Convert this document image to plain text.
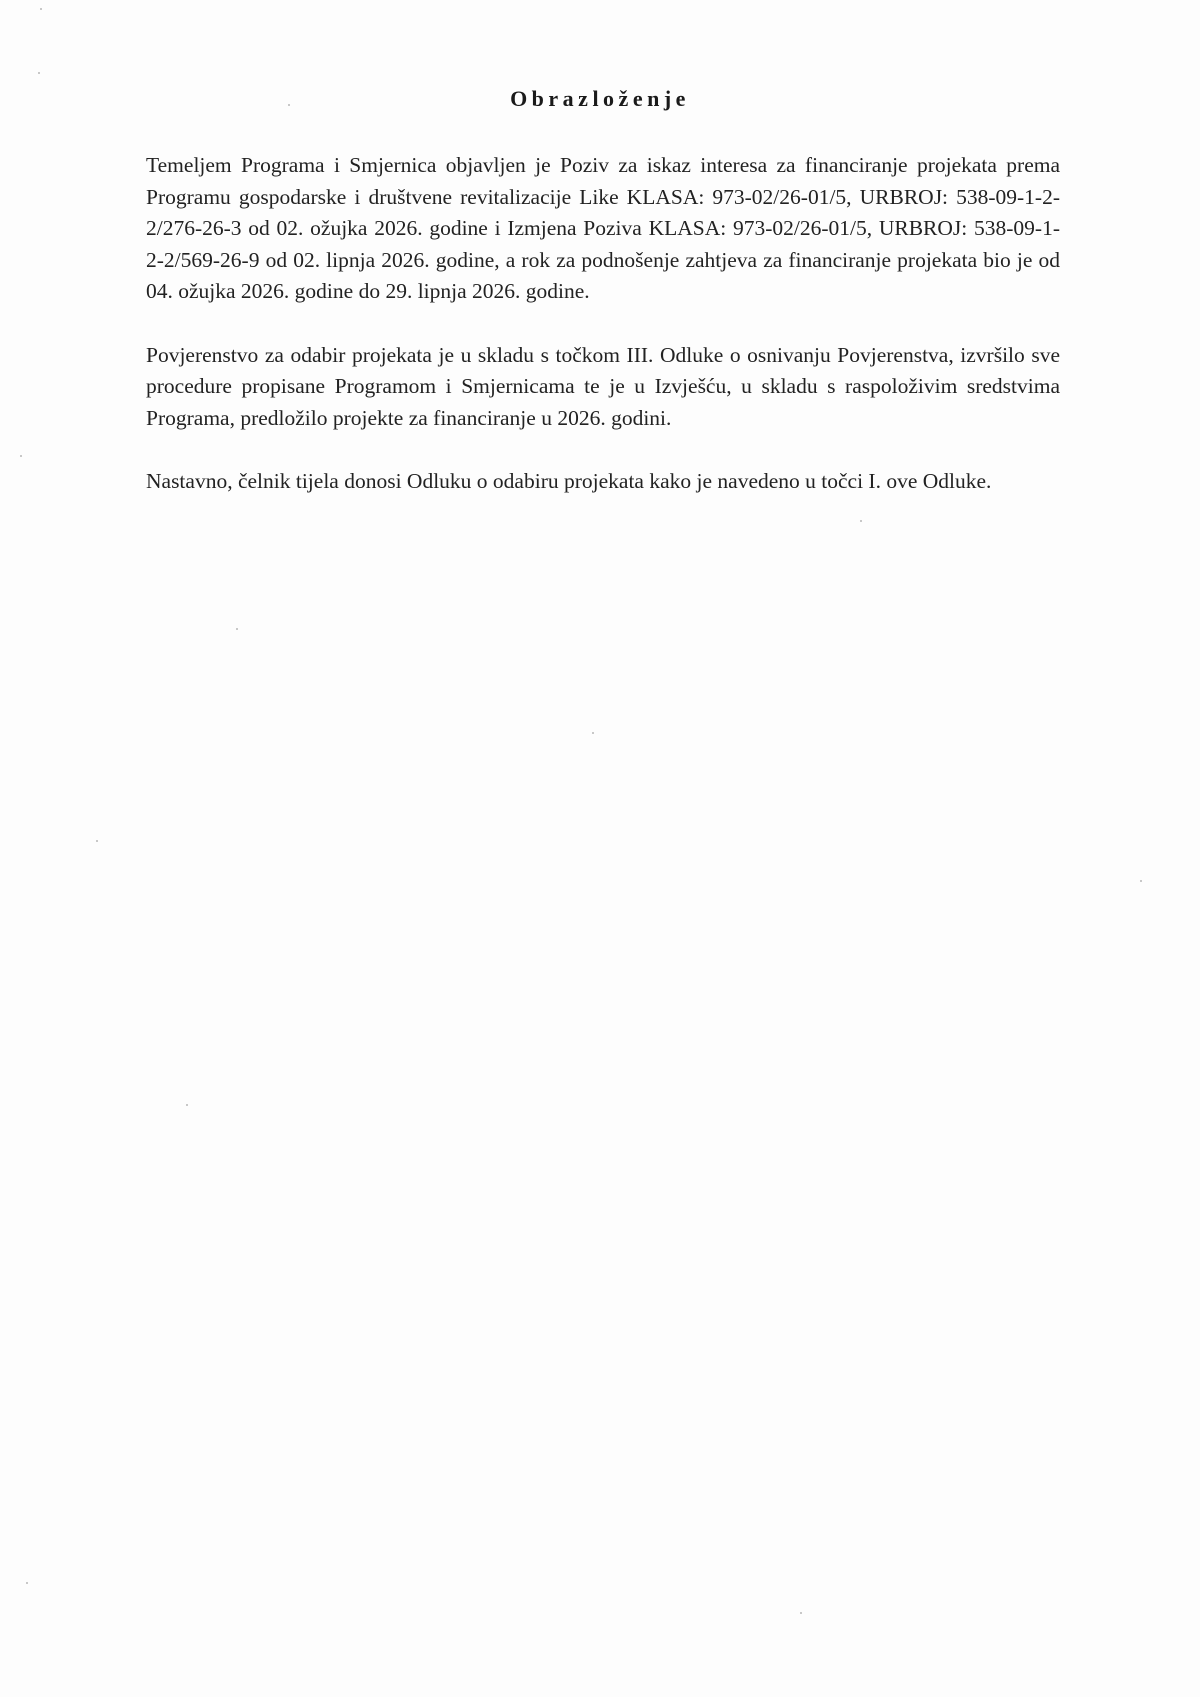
Obrazloženje

Temeljem Programa i Smjernica objavljen je Poziv za iskaz interesa za financiranje projekata prema Programu gospodarske i društvene revitalizacije Like KLASA: 973-02/26-01/5, URBROJ: 538-09-1-2-2/276-26-3 od 02. ožujka 2026. godine i Izmjena Poziva KLASA: 973-02/26-01/5, URBROJ: 538-09-1-2-2/569-26-9 od 02. lipnja 2026. godine, a rok za podnošenje zahtjeva za financiranje projekata bio je od 04. ožujka 2026. godine do 29. lipnja 2026. godine.

Povjerenstvo za odabir projekata je u skladu s točkom III. Odluke o osnivanju Povjerenstva, izvršilo sve procedure propisane Programom i Smjernicama te je u Izvješću, u skladu s raspoloživim sredstvima Programa, predložilo projekte za financiranje u 2026. godini.

Nastavno, čelnik tijela donosi Odluku o odabiru projekata kako je navedeno u točci I. ove Odluke.
